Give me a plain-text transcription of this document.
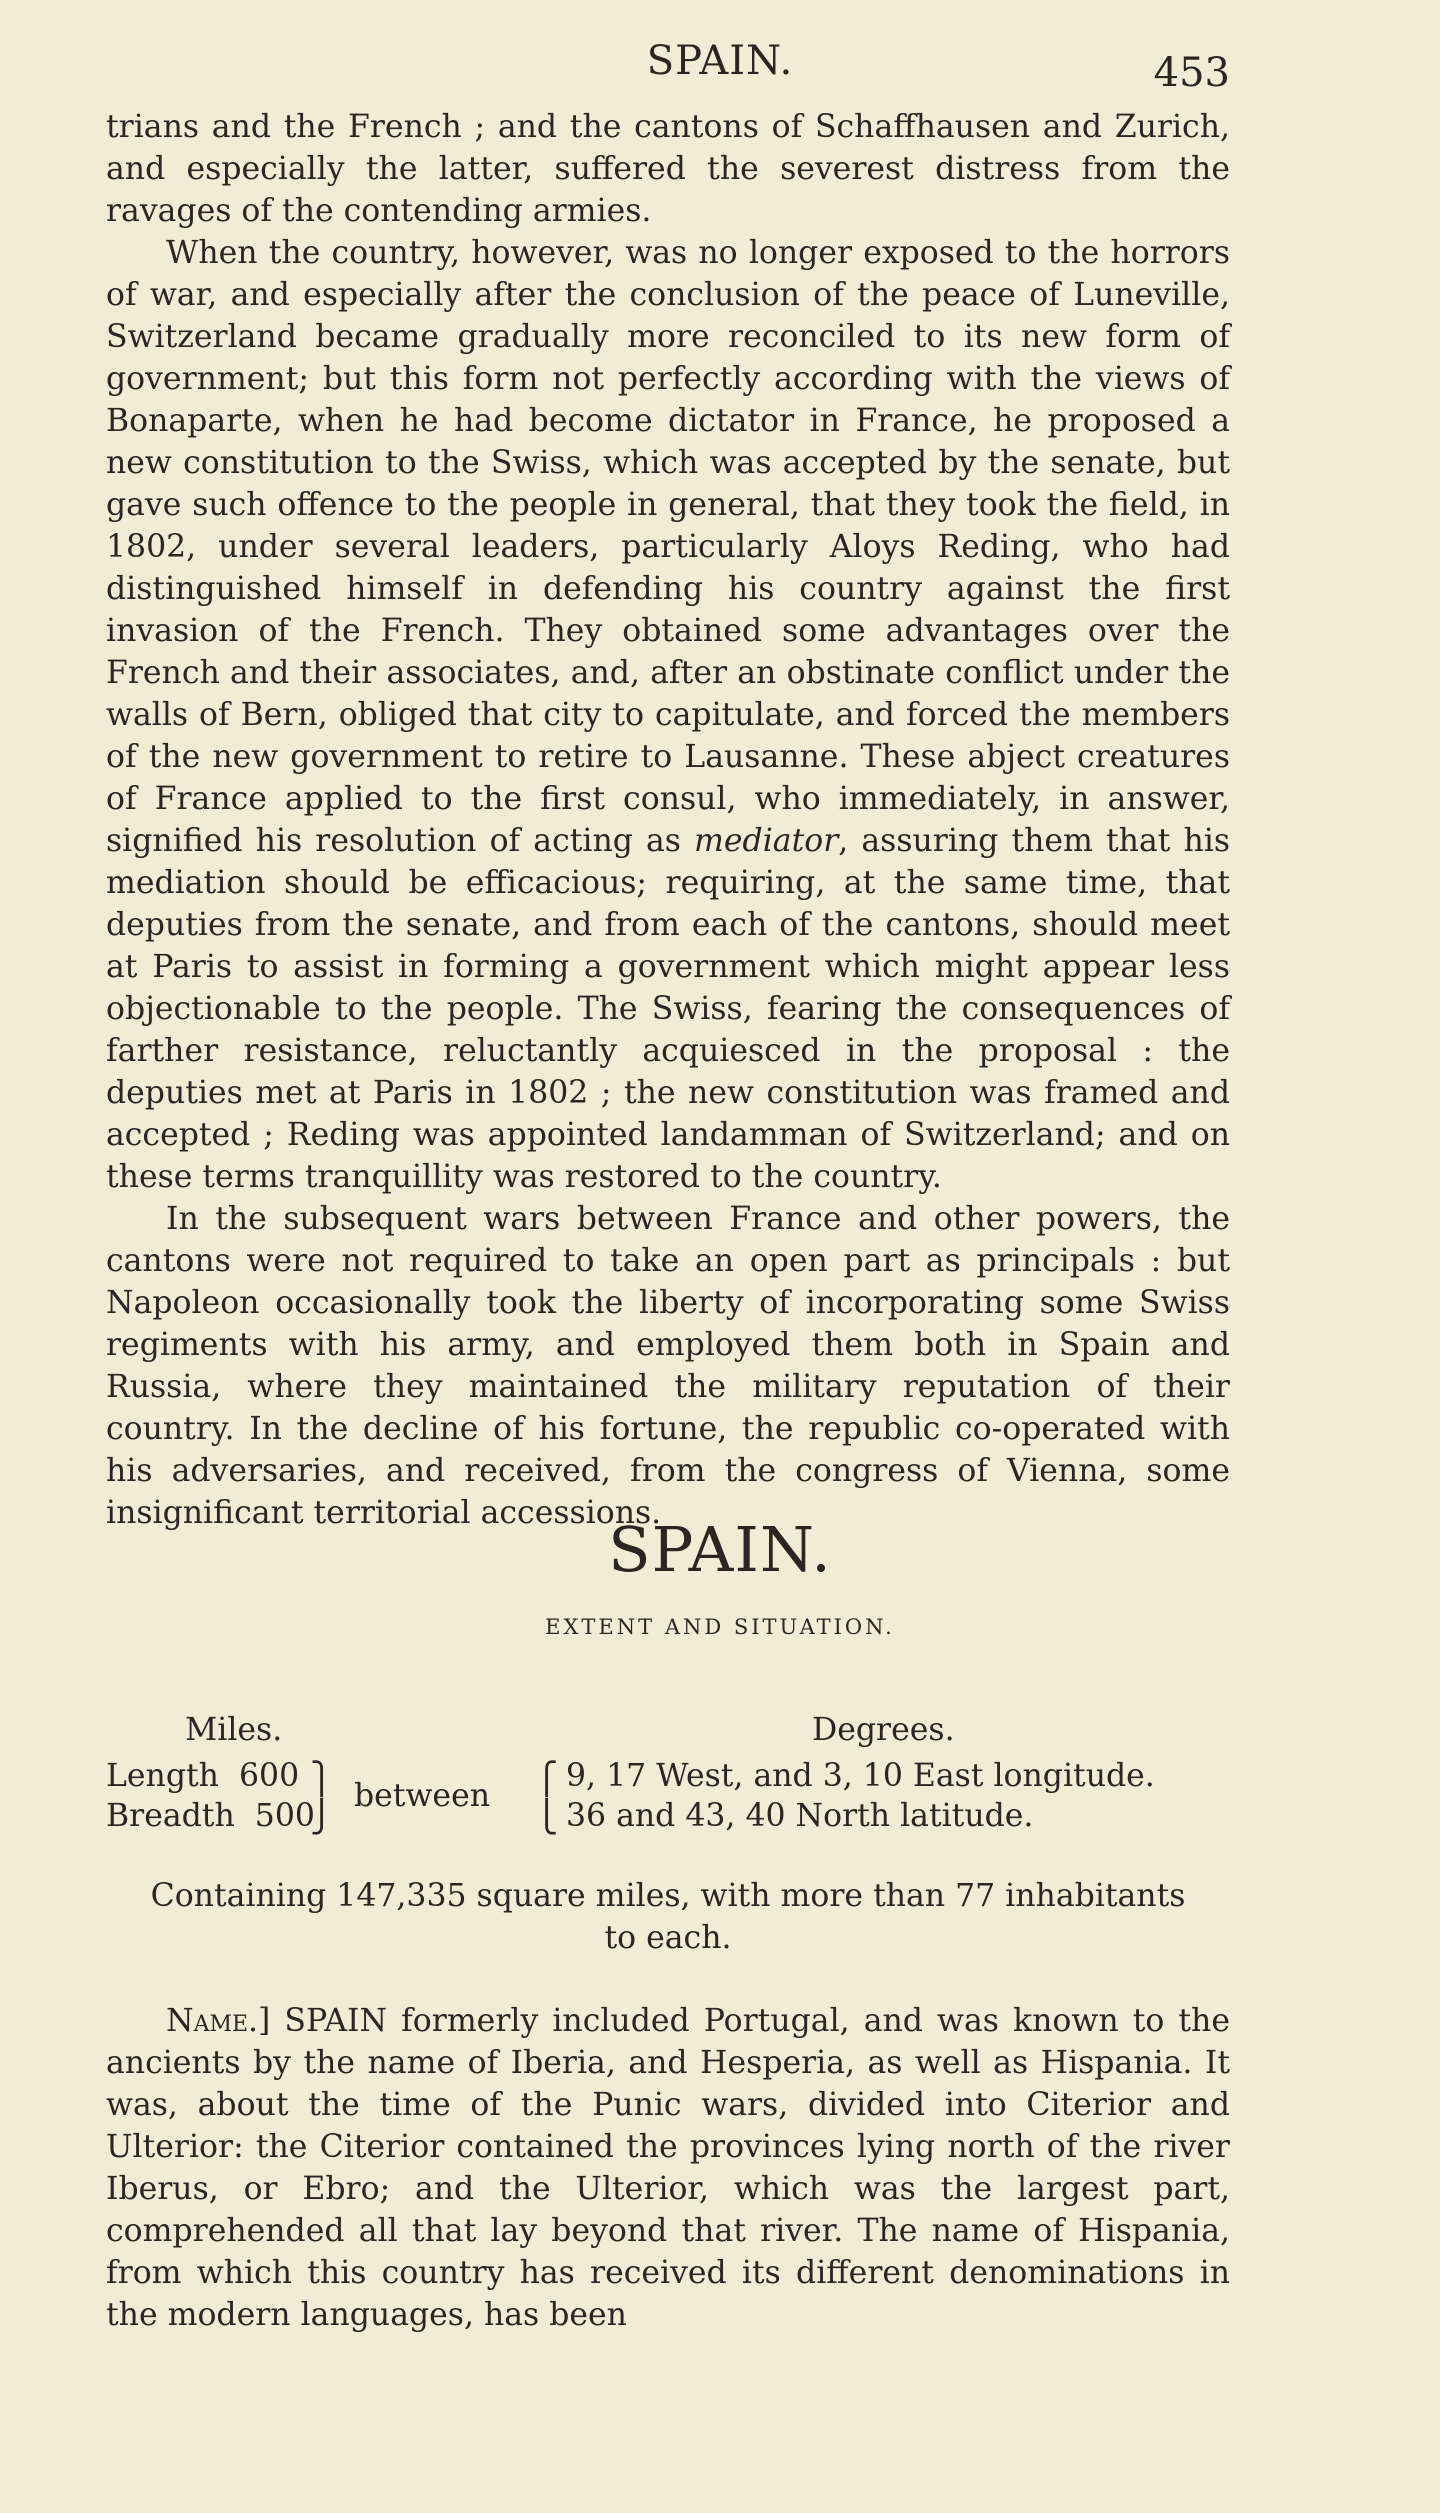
SPAIN.	453

trians and the French ; and the cantons of Schaffhausen and Zurich, and especially the latter, suffered the severest distress from the ravages of the contending armies.

When the country, however, was no longer exposed to the horrors of war, and especially after the conclusion of the peace of Luneville, Switzerland became gradually more reconciled to its new form of government; but this form not perfectly according with the views of Bonaparte, when he had become dictator in France, he proposed a new constitution to the Swiss, which was accepted by the senate, but gave such offence to the people in general, that they took the field, in 1802, under several leaders, particularly Aloys Reding, who had distinguished himself in defending his country against the first invasion of the French. They obtained some advantages over the French and their associates, and, after an obstinate conflict under the walls of Bern, obliged that city to capitulate, and forced the members of the new government to retire to Lausanne. These abject creatures of France applied to the first consul, who immediately, in answer, signified his resolution of acting as mediator, assuring them that his mediation should be efficacious; requiring, at the same time, that deputies from the senate, and from each of the cantons, should meet at Paris to assist in forming a government which might appear less objectionable to the people. The Swiss, fearing the consequences of farther resistance, reluctantly acquiesced in the proposal : the deputies met at Paris in 1802 ; the new constitution was framed and accepted ; Reding was appointed landamman of Switzerland; and on these terms tranquillity was restored to the country.

In the subsequent wars between France and other powers, the cantons were not required to take an open part as principals : but Napoleon occasionally took the liberty of incorporating some Swiss regiments with his army, and employed them both in Spain and Russia, where they maintained the military reputation of their country. In the decline of his fortune, the republic co-operated with his adversaries, and received, from the congress of Vienna, some insignificant territorial accessions.

SPAIN.
EXTENT AND SITUATION.
Miles.	Degrees.
Length 600
Breadth 500
⎫
⎭
between ⎧
⎩
9, 17 West, and 3, 10 East longitude.
36 and 43, 40 North latitude.
Containing 147,335 square miles, with more than 77 inhabitants
to each.

Name.] SPAIN formerly included Portugal, and was known to the ancients by the name of Iberia, and Hesperia, as well as Hispania. It was, about the time of the Punic wars, divided into Citerior and Ulterior: the Citerior contained the provinces lying north of the river Iberus, or Ebro; and the Ulterior, which was the largest part, comprehended all that lay beyond that river. The name of Hispania, from which this country has received its different denominations in the modern languages, has been
